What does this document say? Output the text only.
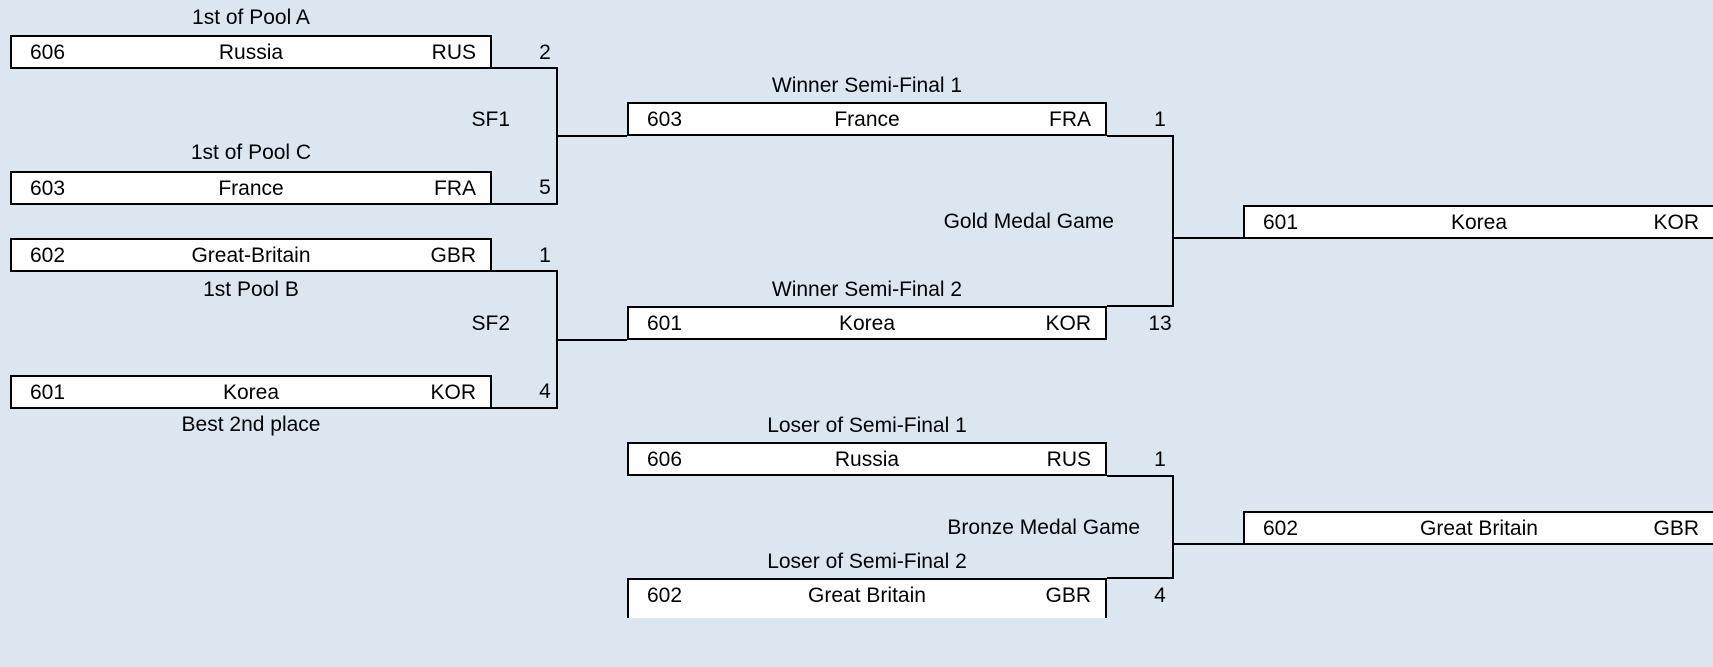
1st of Pool A
606	Russia	RUS	2
SF1
1st of Pool C
603	France	FRA	5
602	Great-Britain	GBR	1
1st Pool B
SF2
601	Korea	KOR	4
Best 2nd place
Winner Semi-Final 1
603	France	FRA	1
Gold Medal Game	601	Korea	KOR
Winner Semi-Final 2
601	Korea	KOR	13
Loser of Semi-Final 1
606	Russia	RUS	1
Bronze Medal Game	602	Great Britain	GBR
Loser of Semi-Final 2
602	Great Britain	GBR	4
